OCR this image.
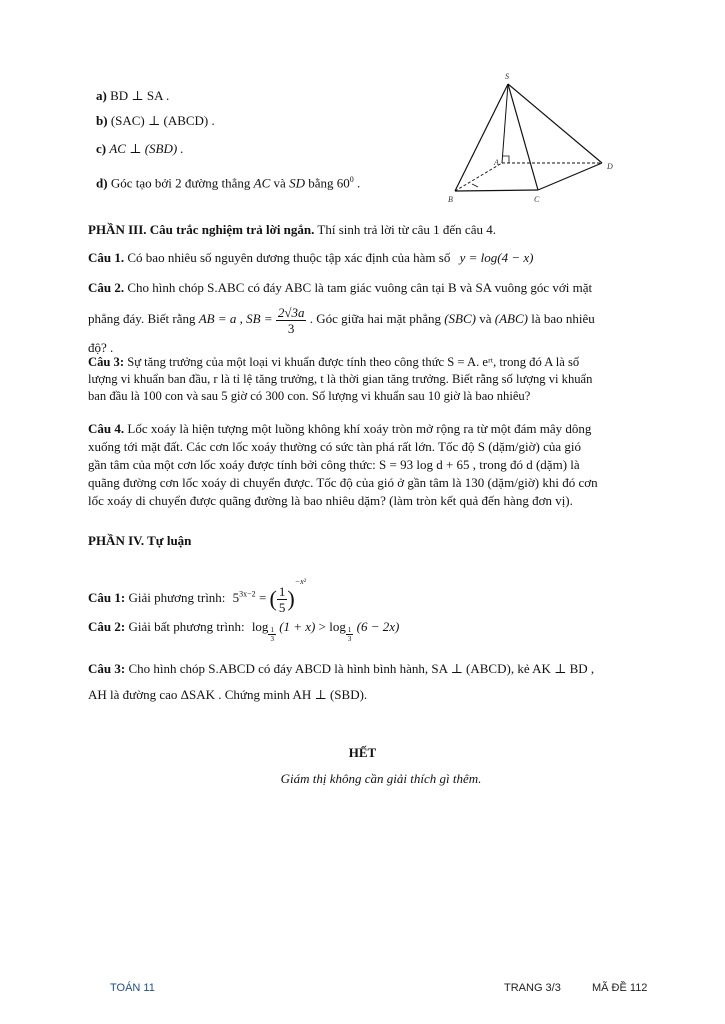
a) BD ⊥ SA .
b) (SAC) ⊥ (ABCD) .
c) AC ⊥ (SBD) .
d) Góc tạo bởi 2 đường thẳng AC và SD bằng $60^0$ .
S
A
B	C
D
PHẦN III. Câu trắc nghiệm trả lời ngắn. Thí sinh trả lời từ câu 1 đến câu 4.
Câu 1. Có bao nhiêu số nguyên dương thuộc tập xác định của hàm số y = log(4 − x)
Câu 2. Cho hình chóp S.ABC có đáy ABC là tam giác vuông cân tại B và SA vuông góc với mặt
phẳng đáy. Biết rằng AB = a , SB = $\frac{2√3a}{3}$ . Góc giữa hai mặt phẳng (SBC) và (ABC) là bao nhiêu
độ? .
Câu 3: Sự tăng trưởng của một loại vi khuẩn được tính theo công thức S = A. eʳᵗ, trong đó A là số
lượng vi khuẩn ban đầu, r là tỉ lệ tăng trưởng, t là thời gian tăng trưởng. Biết rằng số lượng vi khuẩn
ban đầu là 100 con và sau 5 giờ có 300 con. Số lượng vi khuẩn sau 10 giờ là bao nhiêu?
Câu 4. Lốc xoáy là hiện tượng một luồng không khí xoáy tròn mở rộng ra từ một đám mây dông
xuống tới mặt đất. Các cơn lốc xoáy thường có sức tàn phá rất lớn. Tốc độ S (dặm/giờ) của gió
gần tâm của một cơn lốc xoáy được tính bởi công thức: S = 93 log d + 65 , trong đó d (dặm) là
quãng đường cơn lốc xoáy di chuyển được. Tốc độ của gió ở gần tâm là 130 (dặm/giờ) khi đó cơn
lốc xoáy di chuyển được quãng đường là bao nhiêu dặm? (làm tròn kết quả đến hàng đơn vị).
PHẦN IV. Tự luận
Câu 1: Giải phương trình: $5^{3x-2}$ = ( $\frac{1}{5} )^{-x^2}$
Câu 2: Giải bất phương trình: $\log \frac{1}{3} (1 + x) > \log \frac{1}{3} (6 - 2x)$
Câu 3: Cho hình chóp S.ABCD có đáy ABCD là hình bình hành, SA ⊥ (ABCD), kẻ AK ⊥ BD ,
AH là đường cao ΔSAK . Chứng minh AH ⊥ (SBD).
HẾT
Giám thị không cần giải thích gì thêm.
TOÁN 11	TRANG 3/3	MÃ ĐỀ 112
